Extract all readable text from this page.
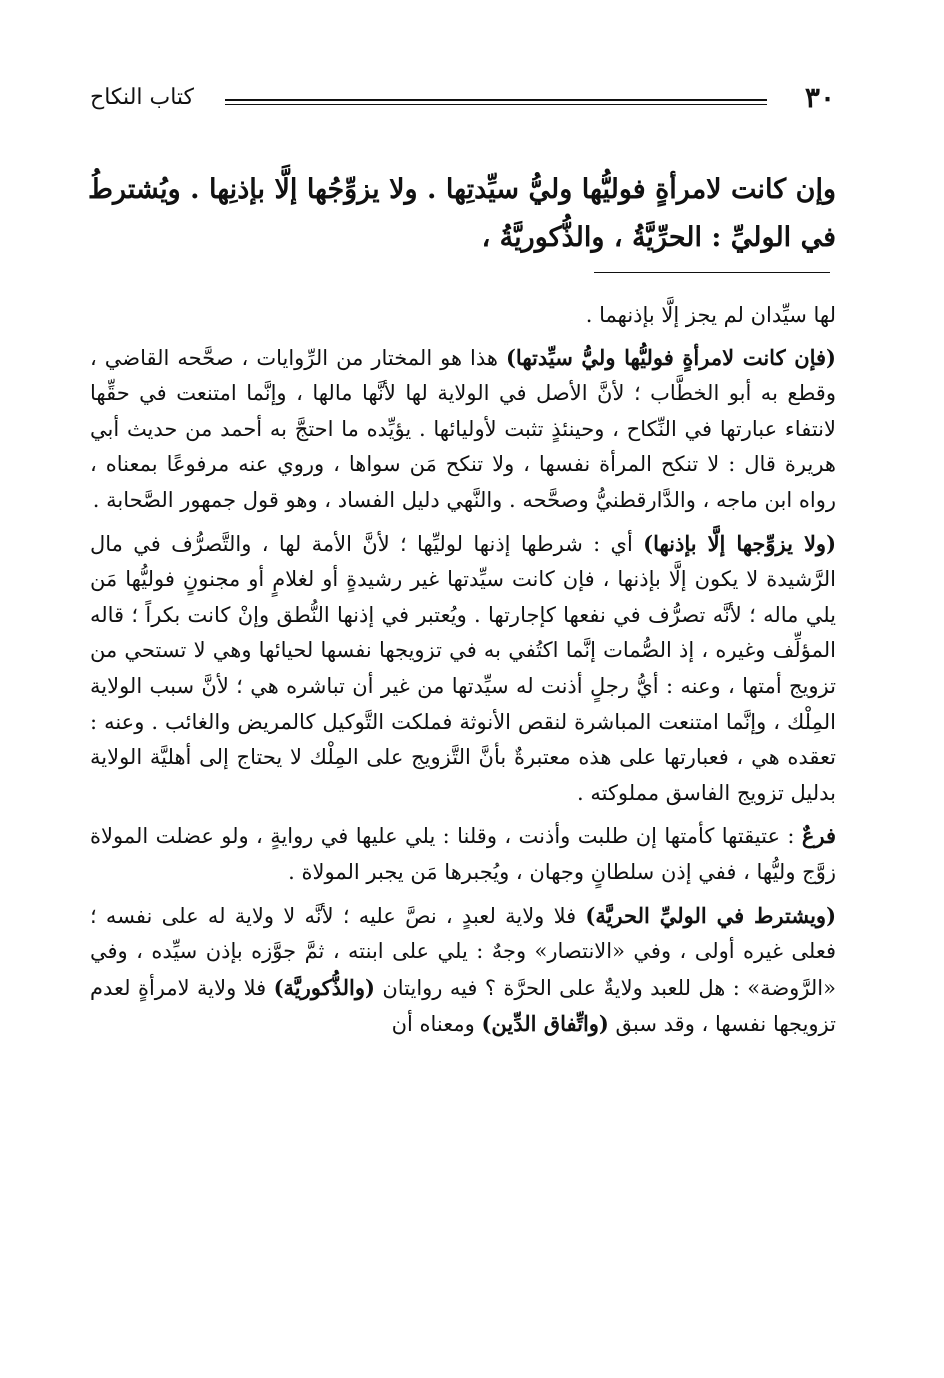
٣٠
كتاب النكاح

وإن كانت لامرأةٍ فوليُّها وليُّ سيِّدتِها . ولا يزوِّجُها إلَّا بإذنِها . ويُشترطُ في الوليِّ : الحرِّيَّةُ ، والذُّكوريَّةُ ،

لها سيِّدان لم يجز إلَّا بإذنهما .

(فإن كانت لامرأةٍ فوليُّها وليُّ سيِّدتها) هذا هو المختار من الرِّوايات ، صحَّحه القاضي ، وقطع به أبو الخطَّاب ؛ لأنَّ الأصل في الولاية لها لأنَّها مالها ، وإنَّما امتنعت في حقِّها لانتفاء عبارتها في النِّكاح ، وحينئذٍ تثبت لأوليائها . يؤيِّده ما احتجَّ به أحمد من حديث أبي هريرة قال : لا تنكح المرأة نفسها ، ولا تنكح مَن سواها ، وروي عنه مرفوعًا بمعناه ، رواه ابن ماجه ، والدَّارقطنيُّ وصحَّحه . والنَّهي دليل الفساد ، وهو قول جمهور الصَّحابة .

(ولا يزوِّجها إلَّا بإذنها) أي : شرطها إذنها لوليِّها ؛ لأنَّ الأمة لها ، والتَّصرُّف في مال الرَّشيدة لا يكون إلَّا بإذنها ، فإن كانت سيِّدتها غير رشيدةٍ أو لغلامٍ أو مجنونٍ فوليُّها مَن يلي ماله ؛ لأنَّه تصرُّف في نفعها كإجارتها . ويُعتبر في إذنها النُّطق وإنْ كانت بكراً ؛ قاله المؤلِّف وغيره ، إذ الصُّمات إنَّما اكتُفي به في تزويجها نفسها لحيائها وهي لا تستحي من تزويج أمتها ، وعنه : أيُّ رجلٍ أذنت له سيِّدتها من غير أن تباشره هي ؛ لأنَّ سبب الولاية المِلْك ، وإنَّما امتنعت المباشرة لنقص الأنوثة فملكت التَّوكيل كالمريض والغائب . وعنه : تعقده هي ، فعبارتها على هذه معتبرةٌ بأنَّ التَّزويج على المِلْك لا يحتاج إلى أهليَّة الولاية بدليل تزويج الفاسق مملوكته .

فرعٌ : عتيقتها كأمتها إن طلبت وأذنت ، وقلنا : يلي عليها في روايةٍ ، ولو عضلت المولاة زوَّج وليُّها ، ففي إذن سلطانٍ وجهان ، ويُجبرها مَن يجبر المولاة .

(ويشترط في الوليِّ الحريَّة) فلا ولاية لعبدٍ ، نصَّ عليه ؛ لأنَّه لا ولاية له على نفسه ؛ فعلى غيره أولى ، وفي «الانتصار» وجهٌ : يلي على ابنته ، ثمَّ جوَّزه بإذن سيِّده ، وفي «الرَّوضة» : هل للعبد ولايةٌ على الحرَّة ؟ فيه روايتان (والذُّكوريَّة) فلا ولاية لامرأةٍ لعدم تزويجها نفسها ، وقد سبق (واتِّفاق الدِّين) ومعناه أن
